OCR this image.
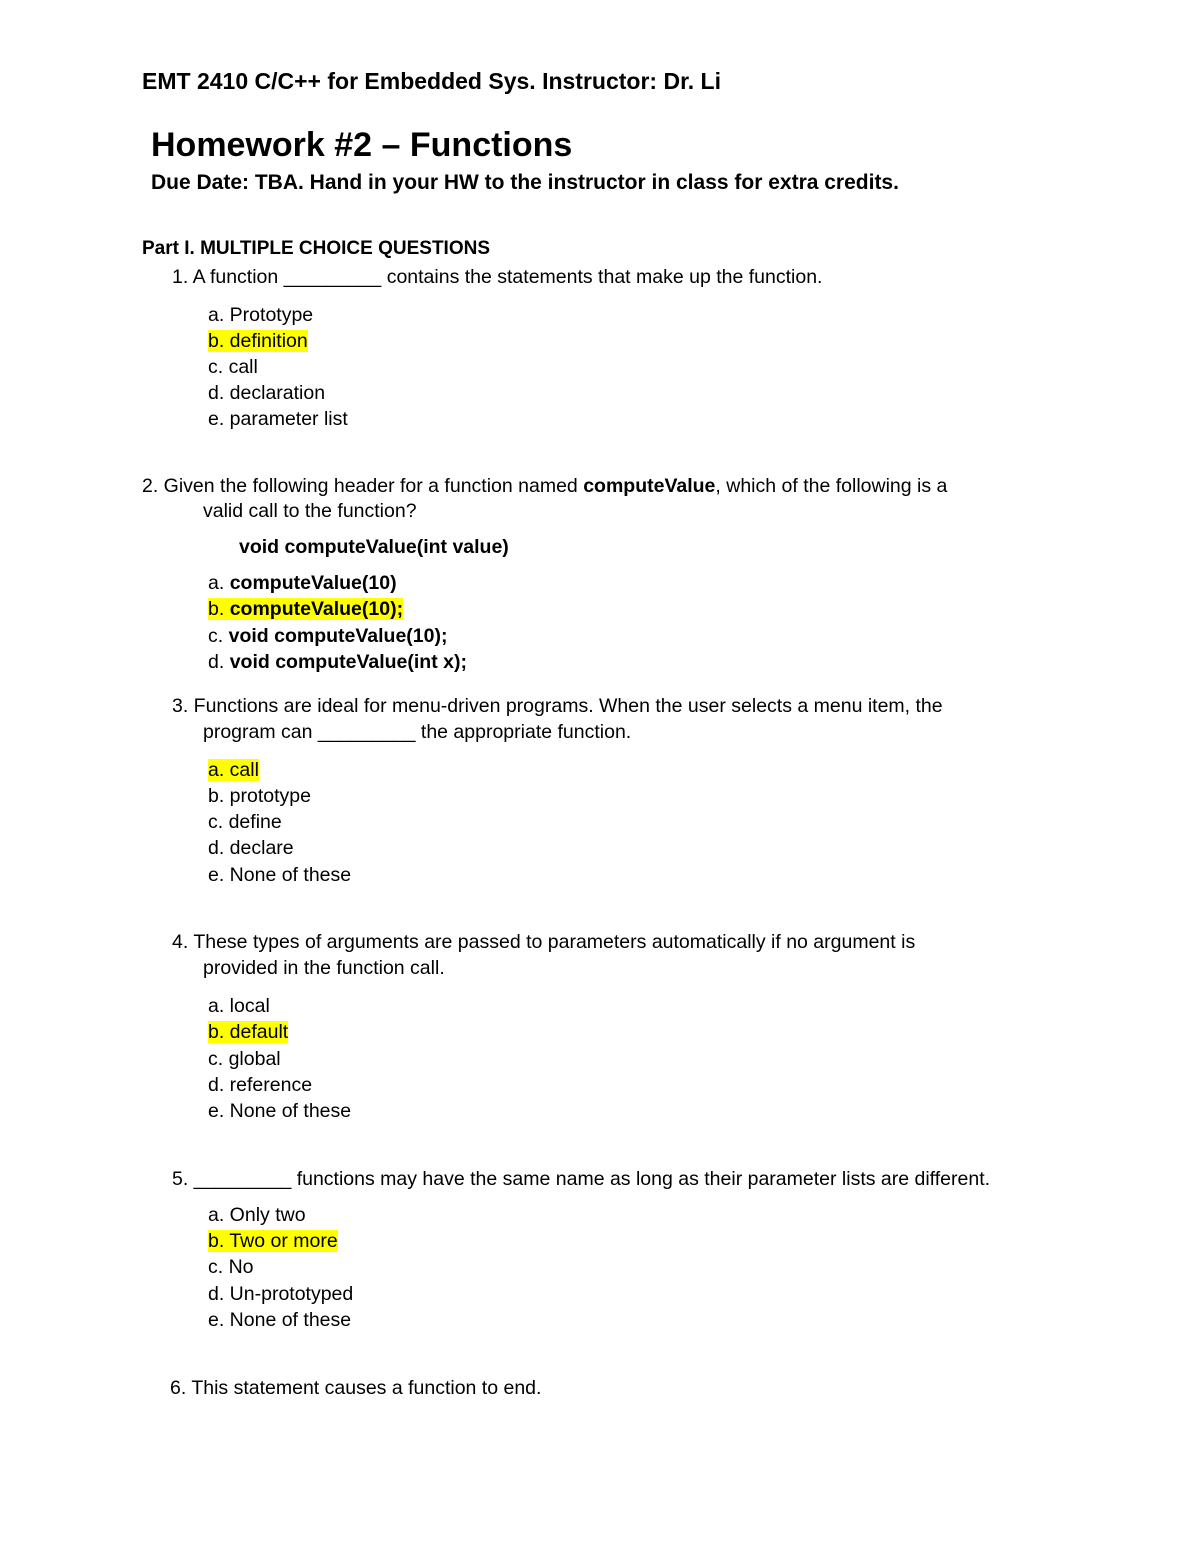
EMT 2410 C/C++ for Embedded Sys. Instructor: Dr. Li
Homework #2 – Functions
Due Date: TBA. Hand in your HW to the instructor in class for extra credits.
Part I. MULTIPLE CHOICE QUESTIONS
1. A function _________ contains the statements that make up the function.
a. Prototype
b. definition
c. call
d. declaration
e. parameter list
2. Given the following header for a function named computeValue, which of the following is a
valid call to the function?
void computeValue(int value)
a. computeValue(10)
b. computeValue(10);
c. void computeValue(10);
d. void computeValue(int x);
3. Functions are ideal for menu-driven programs. When the user selects a menu item, the
program can _________ the appropriate function.
a. call
b. prototype
c. define
d. declare
e. None of these
4. These types of arguments are passed to parameters automatically if no argument is
provided in the function call.
a. local
b. default
c. global
d. reference
e. None of these
5. _________ functions may have the same name as long as their parameter lists are different.
a. Only two
b. Two or more
c. No
d. Un-prototyped
e. None of these
6. This statement causes a function to end.
